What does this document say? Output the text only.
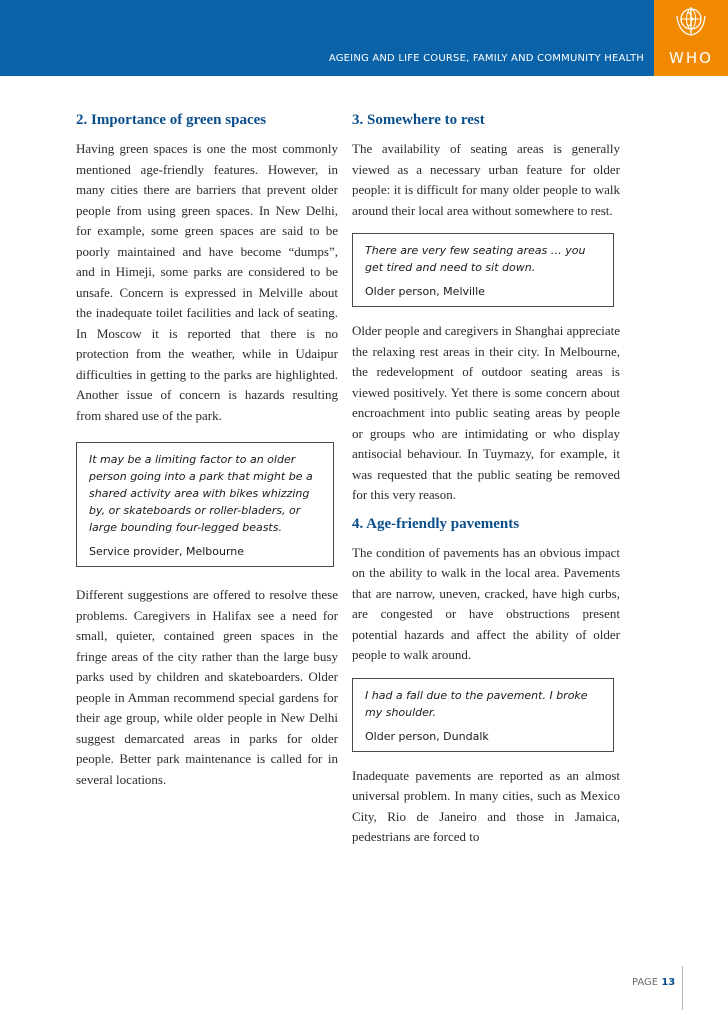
AGEING AND LIFE COURSE, FAMILY AND COMMUNITY HEALTH	WHO
2. Importance of green spaces

Having green spaces is one the most commonly mentioned age-friendly features. However, in many cities there are barriers that prevent older people from using green spaces. In New Delhi, for example, some green spaces are said to be poorly maintained and have become “dumps”, and in Himeji, some parks are considered to be unsafe. Concern is expressed in Melville about the inadequate toilet facilities and lack of seating. In Moscow it is reported that there is no protection from the weather, while in Udaipur difficulties in getting to the parks are highlighted. Another issue of concern is hazards resulting from shared use of the park.

It may be a limiting factor to an older person going into a park that might be a shared activity area with bikes whizzing by, or skateboards or roller-bladers, or large bounding four-legged beasts.
Service provider, Melbourne

Different suggestions are offered to resolve these problems. Caregivers in Halifax see a need for small, quieter, contained green spaces in the fringe areas of the city rather than the large busy parks used by children and skateboarders. Older people in Amman recommend special gardens for their age group, while older people in New Delhi suggest demarcated areas in parks for older people. Better park maintenance is called for in several locations.

3. Somewhere to rest

The availability of seating areas is generally viewed as a necessary urban feature for older people: it is difficult for many older people to walk around their local area without somewhere to rest.

There are very few seating areas … you get tired and need to sit down.
Older person, Melville

Older people and caregivers in Shanghai appreciate the relaxing rest areas in their city. In Melbourne, the redevelopment of outdoor seating areas is viewed positively. Yet there is some concern about encroachment into public seating areas by people or groups who are intimidating or who display antisocial behaviour. In Tuymazy, for example, it was requested that the public seating be removed for this very reason.

4. Age-friendly pavements

The condition of pavements has an obvious impact on the ability to walk in the local area. Pavements that are narrow, uneven, cracked, have high curbs, are congested or have obstructions present potential hazards and affect the ability of older people to walk around.

I had a fall due to the pavement. I broke my shoulder.
Older person, Dundalk

Inadequate pavements are reported as an almost universal problem. In many cities, such as Mexico City, Rio de Janeiro and those in Jamaica, pedestrians are forced to

PAGE 13
